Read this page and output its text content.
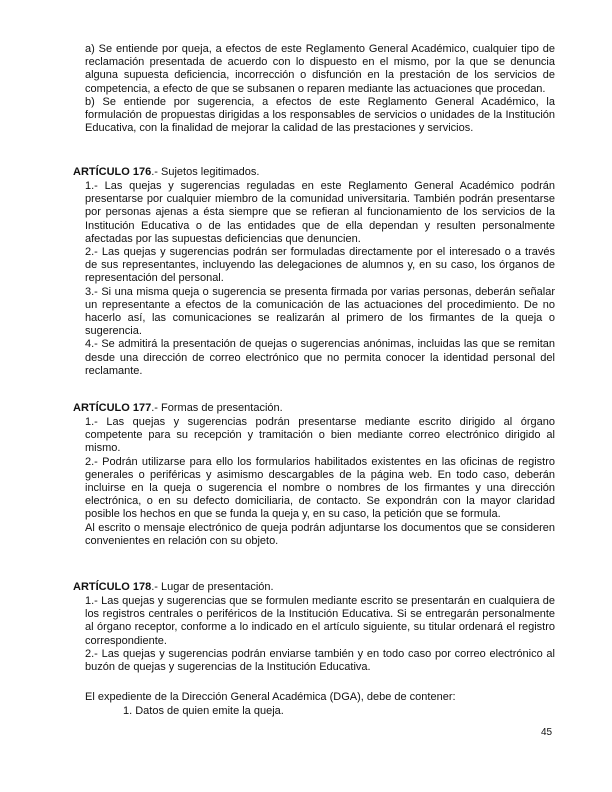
a) Se entiende por queja, a efectos de este Reglamento General Académico, cualquier tipo de reclamación presentada de acuerdo con lo dispuesto en el mismo, por la que se denuncia alguna supuesta deficiencia, incorrección o disfunción en la prestación de los servicios de competencia, a efecto de que se subsanen o reparen mediante las actuaciones que procedan.

b) Se entiende por sugerencia, a efectos de este Reglamento General Académico, la formulación de propuestas dirigidas a los responsables de servicios o unidades de la Institución Educativa, con la finalidad de mejorar la calidad de las prestaciones y servicios.

ARTÍCULO 176.- Sujetos legitimados.

1.- Las quejas y sugerencias reguladas en este Reglamento General Académico podrán presentarse por cualquier miembro de la comunidad universitaria. También podrán presentarse por personas ajenas a ésta siempre que se refieran al funcionamiento de los servicios de la Institución Educativa o de las entidades que de ella dependan y resulten personalmente afectadas por las supuestas deficiencias que denuncien.

2.- Las quejas y sugerencias podrán ser formuladas directamente por el interesado o a través de sus representantes, incluyendo las delegaciones de alumnos y, en su caso, los órganos de representación del personal.

3.- Si una misma queja o sugerencia se presenta firmada por varias personas, deberán señalar un representante a efectos de la comunicación de las actuaciones del procedimiento. De no hacerlo así, las comunicaciones se realizarán al primero de los firmantes de la queja o sugerencia.

4.- Se admitirá la presentación de quejas o sugerencias anónimas, incluidas las que se remitan desde una dirección de correo electrónico que no permita conocer la identidad personal del reclamante.

ARTÍCULO 177.- Formas de presentación.

1.- Las quejas y sugerencias podrán presentarse mediante escrito dirigido al órgano competente para su recepción y tramitación o bien mediante correo electrónico dirigido al mismo.

2.- Podrán utilizarse para ello los formularios habilitados existentes en las oficinas de registro generales o periféricas y asimismo descargables de la página web. En todo caso, deberán incluirse en la queja o sugerencia el nombre o nombres de los firmantes y una dirección electrónica, o en su defecto domiciliaria, de contacto. Se expondrán con la mayor claridad posible los hechos en que se funda la queja y, en su caso, la petición que se formula.

Al escrito o mensaje electrónico de queja podrán adjuntarse los documentos que se consideren convenientes en relación con su objeto.

ARTÍCULO 178.- Lugar de presentación.

1.- Las quejas y sugerencias que se formulen mediante escrito se presentarán en cualquiera de los registros centrales o periféricos de la Institución Educativa. Si se entregarán personalmente al órgano receptor, conforme a lo indicado en el artículo siguiente, su titular ordenará el registro correspondiente.

2.- Las quejas y sugerencias podrán enviarse también y en todo caso por correo electrónico al buzón de quejas y sugerencias de la Institución Educativa.

El expediente de la Dirección General Académica (DGA), debe de contener:
1. Datos de quien emite la queja.
45
